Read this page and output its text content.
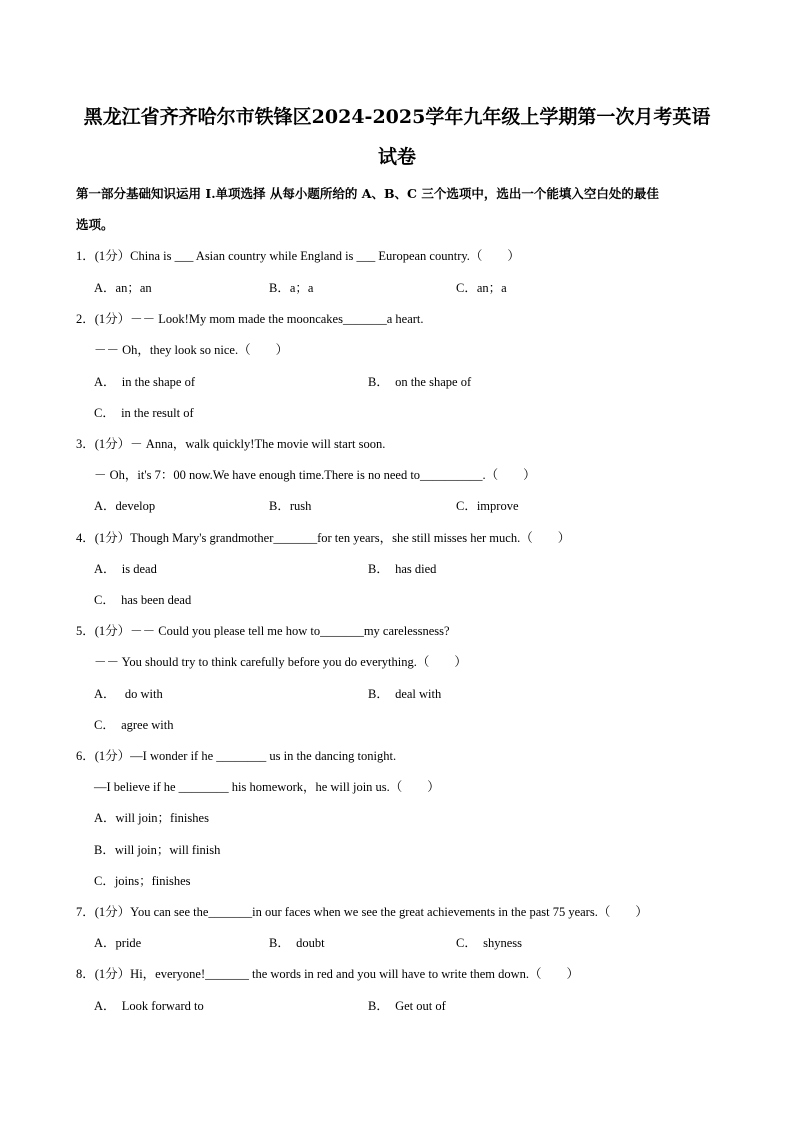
黑龙江省齐齐哈尔市铁锋区2024-2025学年九年级上学期第一次月考英语
试卷
第一部分基础知识运用 I.单项选择 从每小题所给的 A、B、C 三个选项中，选出一个能填入空白处的最佳
选项。
1．(1分）China is ___ Asian country while England is ___ European country.（　　）
A．an；an	B．a；a	C．an；a
2．(1分）－－ Look!My mom made the mooncakes_______a heart.
－－ Oh，they look so nice.（　　）
A．  in the shape of	B．  on the shape of
C．  in the result of
3．(1分）－ Anna，walk quickly!The movie will start soon.
－ Oh，it's 7：00 now.We have enough time.There is no need to__________.（　　）
A．develop	B．rush	C．improve
4．(1分）Though Mary's grandmother_______for ten years，she still misses her much.（　　）
A．  is dead	B．  has died
C．  has been dead
5．(1分）－－ Could you please tell me how to_______my carelessness?
－－ You should try to think carefully before you do everything.（　　）
A．   do with	B．  deal with
C．  agree with
6．(1分）—I wonder if he ________ us in the dancing tonight.
—I believe if he ________ his homework，he will join us.（　　）
A．will join；finishes
B．will join；will finish
C．joins；finishes
7．(1分）You can see the_______in our faces when we see the great achievements in the past 75 years.（　　）
A．pride	B．  doubt	C．  shyness
8．(1分）Hi，everyone!_______ the words in red and you will have to write them down.（　　）
A．  Look forward to	B．  Get out of
